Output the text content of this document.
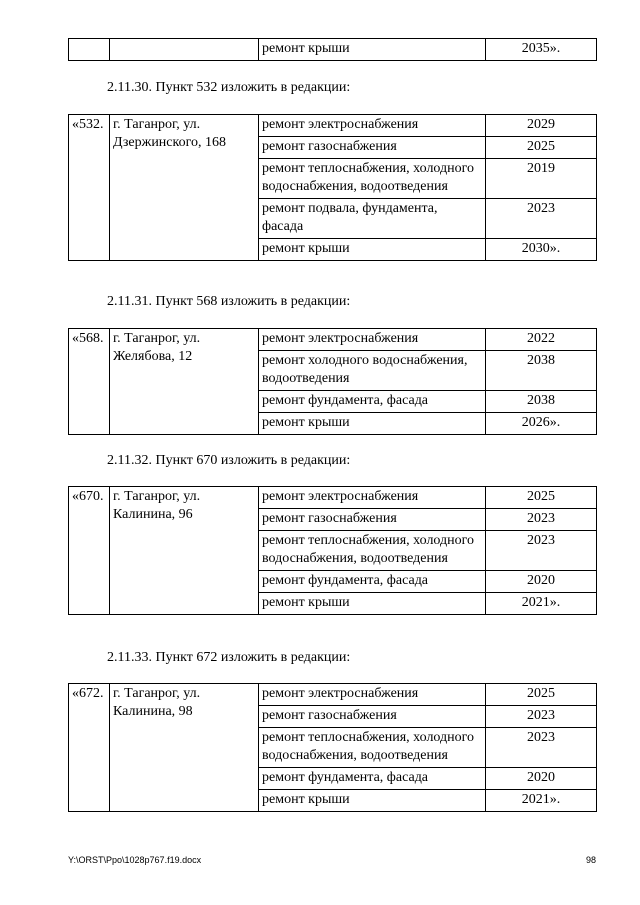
		ремонт крыши	2035».
2.11.30. Пункт 532 изложить в редакции:
«532.	г. Таганрог, ул. Дзержинского, 168	ремонт электроснабжения	2029
		ремонт газоснабжения	2025
		ремонт теплоснабжения, холодного водоснабжения, водоотведения	2019
		ремонт подвала, фундамента, фасада	2023
		ремонт крыши	2030».
2.11.31. Пункт 568 изложить в редакции:
«568.	г. Таганрог, ул. Желябова, 12	ремонт электроснабжения	2022
		ремонт холодного водоснабжения, водоотведения	2038
		ремонт фундамента, фасада	2038
		ремонт крыши	2026».
2.11.32. Пункт 670 изложить в редакции:
«670.	г. Таганрог, ул. Калинина, 96	ремонт электроснабжения	2025
		ремонт газоснабжения	2023
		ремонт теплоснабжения, холодного водоснабжения, водоотведения	2023
		ремонт фундамента, фасада	2020
		ремонт крыши	2021».
2.11.33. Пункт 672 изложить в редакции:
«672.	г. Таганрог, ул. Калинина, 98	ремонт электроснабжения	2025
		ремонт газоснабжения	2023
		ремонт теплоснабжения, холодного водоснабжения, водоотведения	2023
		ремонт фундамента, фасада	2020
		ремонт крыши	2021».
Y:\ORST\Ppo\1028p767.f19.docx	98
